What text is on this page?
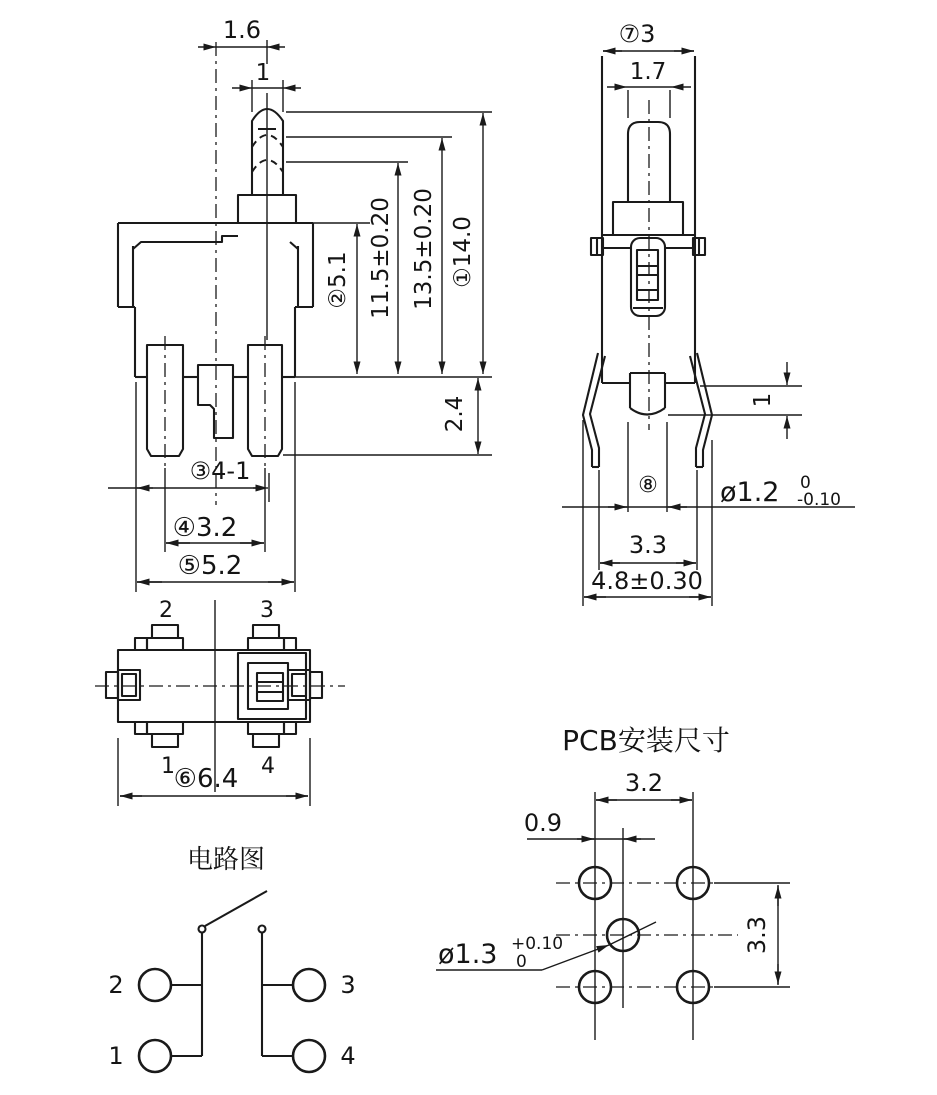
1.6
1
②5.1 11.5±0.20 13.5±0.20 ①14.0
2.4
③4-1
④3.2
⑤5.2
⑦3
1.7
1
⑧ ø1.2 0
-0.10
3.3
4.8±0.30
2	3
1	4
⑥6.4
电路图
2
1
3
4
PCB安装尺寸
3.2
0.9
3.3
ø1.3 +0.10
0
